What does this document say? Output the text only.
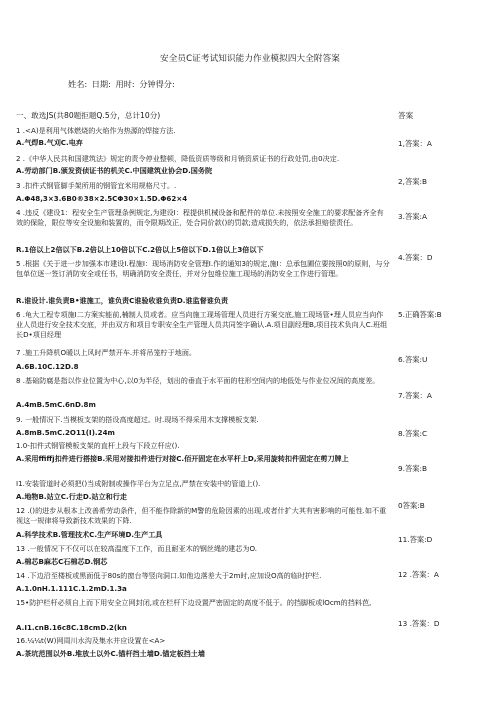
安全员C证考试知识能力作业模拟四大全附答案
姓名: 日期: 用时: 分钟得分:
一、敢选JS(共80题拒题Q.5分，总计10分)	答案
1 .<A)是利用气体燃烧的火焰作为热源的焊接方法.
A.气焊B.气刈C.电弃
2 .《中华人民共和国建筑法》规定的责令停业整顿，降低资质等级和月销资质证书的行政处罚,由0决定.
A.劳动部门B.颁发资侦证书的机关C.中国建筑业协会D.国务院
3 .扣件式钢管脚手架所用的钢管宜米用规格尺寸。.
A.Φ48,3×3.6B0®38×2.5CΦ30×1.5D.Φ62×4
4 .违反《建设1：程安全生产管理条例规定,为建设I：程提供机械设备和配件的单位.未按照安全施工的要求配备齐全有效的保险，限位等安全设施和装置的，而令限期改正，处合同价款()的罚款;造成损失的，依法承担赔偿责任。
R.1倍以上2倍以下B.2倍以上10倍以下C.2倍以上5倍以下D.1倍以上3倍以下
5 .根据《关于进一步加强本市建设I.程施I：现场消防安全管理I.作的通知3的规定,施I：总承包圃位要按照0的原则，与分包单位逐一签订消防安全或任书，明确消防安全责任，并对分包维位施工现场的消防安全工作进行管理。
R.谁设计.谁负责B•谁施工，谁负责C谁验收谁负责D.谁监督谁负责
6 .龟大工程专项施I二方案实能前,楠制人员或者。应当向施工现场管理人员进行方案交底,施工现场管•理人员应当向作业人员进行安全技术交底，并由双方和项目专职安全生产管理人员共同签字确认.A.项目副经理B,项目技术负向人C.班组长D•项目经理
7 .施工升降机O暖以上风时严禁开车.并将吊笼柠于地面。
A.6B.10C.12D.8
8 .基础防腐是指以作业位置为中心,以0为半径，划出的垂直于水平面的柱形空间内的地低处与作业位况间的高度差。
A.4mB.5mC.6nD.8m
9. 一般情况下.当模板支架的搭设高度超过。时.现场不得采用木支撑模板支架.
A.8mB.5mC.2O11(I).24m
1.0-扣件式钢管模板支架的直杆上段与下段立杆应().
A.采用ffiffj扣件进行搭接B.采用对接扣件进行对接C.佰开固定在水平杆上D,采用旋转扣件固定在剪刀牌上
I1.安装管道时必须把()当成附制或操作平台为立足点,严禁在安装中的管道上().
A.地物B.站立C.行走D.站立和行走
12 .()的进步从根本上改善希劳动条件，但不能作除新的M警的危险因素的出现,或者什扩大其有害影响的可能性.如不重视这一规律将导致新技术效果的下降.
A.科学技术B.管理技术C.生产环境D.生产工具
13 .一般情况下不仅可以在较高温度下工作，而且耐亚木的钢丝绳的建芯为O.
A.棉芯B麻芯C石棉芯D.钢芯
14 .下边沿至楼板或黑面低于80s的窗台等竖向洞口.如他边落差大于2m时,应加设O高的临时护栏.
A.1.0nH.1.111C.1.2mD.1.3a
15•防护栏杆必须自上而下用安全立网封闭,或在栏杆下边设置严密固定的高度不低于。的挡脚板或lOcm的挡料芭,
A.I1.cnB.16c8C.18cmD.2(kn
16.¼¼t(W)网周川水沟及集水井应设置在<A>
A.茶坑范围以外B.堆放土以外C.锚杆挡土墙D.锚定板挡土墙
1,答案：A
2,答案:B
3.答案:A
4.答案：D
5.正确答案:B
6.答案:U
7.答案：A
8.答案:C
9.答案:B
0答案:B
11.答案:D
12 .答案：A
13 .答案：D
